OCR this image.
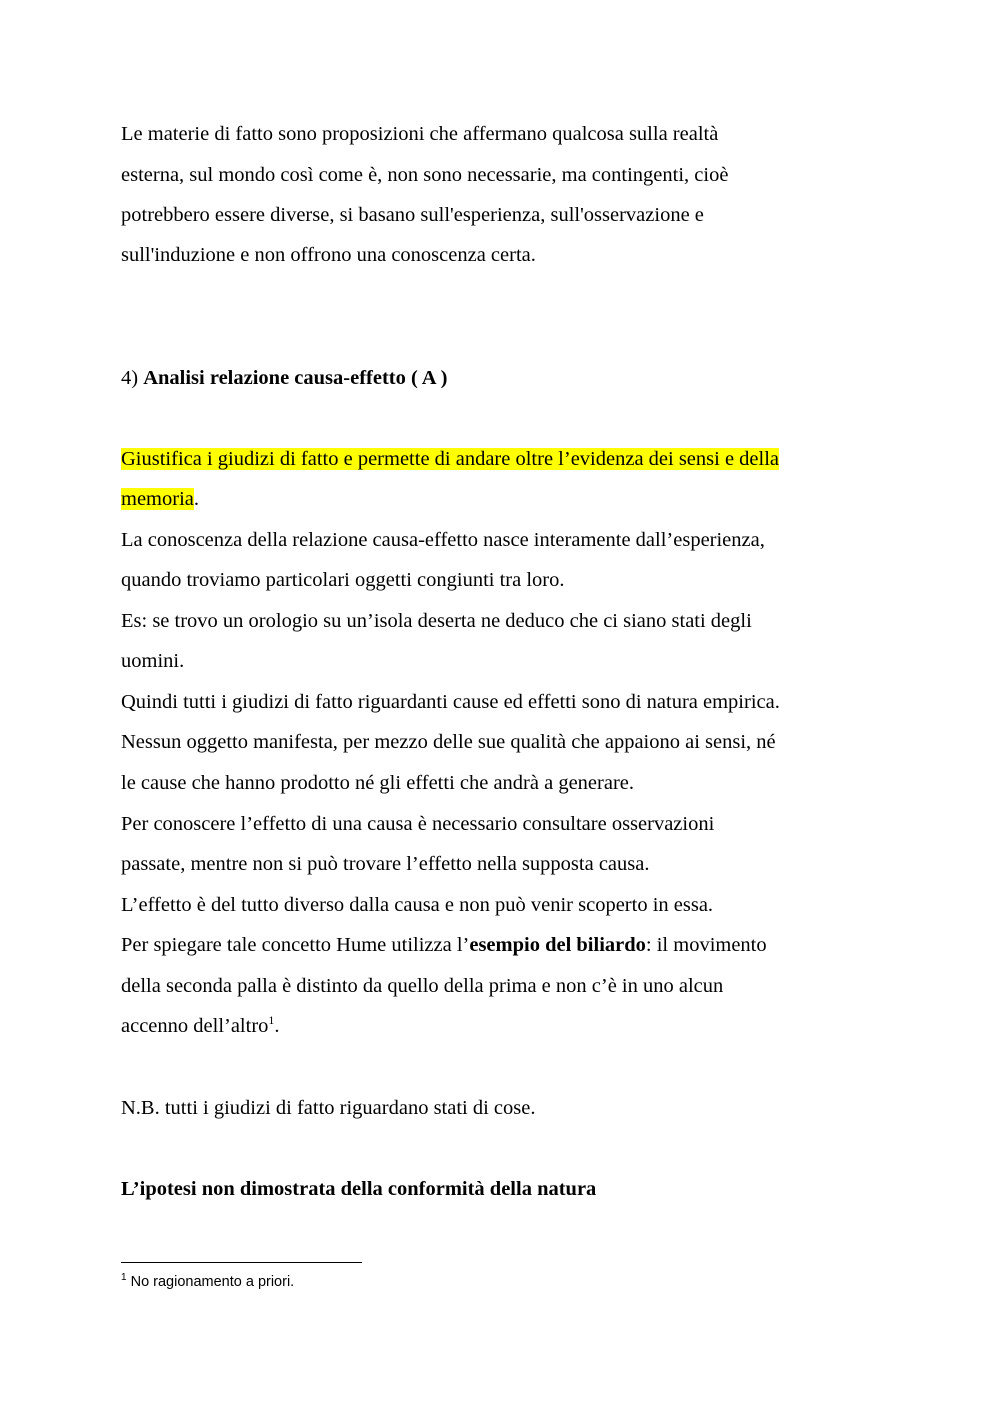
Le materie di fatto sono proposizioni che affermano qualcosa sulla realtà
esterna, sul mondo così come è, non sono necessarie, ma contingenti, cioè
potrebbero essere diverse, si basano sull'esperienza, sull'osservazione e
sull'induzione e non offrono una conoscenza certa.
4) Analisi relazione causa-effetto ( A )
Giustifica i giudizi di fatto e permette di andare oltre l’evidenza dei sensi e della
memoria.
La conoscenza della relazione causa-effetto nasce interamente dall’esperienza,
quando troviamo particolari oggetti congiunti tra loro.
Es: se trovo un orologio su un’isola deserta ne deduco che ci siano stati degli
uomini.
Quindi tutti i giudizi di fatto riguardanti cause ed effetti sono di natura empirica.
Nessun oggetto manifesta, per mezzo delle sue qualità che appaiono ai sensi, né
le cause che hanno prodotto né gli effetti che andrà a generare.
Per conoscere l’effetto di una causa è necessario consultare osservazioni
passate, mentre non si può trovare l’effetto nella supposta causa.
L’effetto è del tutto diverso dalla causa e non può venir scoperto in essa.
Per spiegare tale concetto Hume utilizza l’esempio del biliardo: il movimento
della seconda palla è distinto da quello della prima e non c’è in uno alcun
accenno dell’altro$^1$.
N.B. tutti i giudizi di fatto riguardano stati di cose.
L’ipotesi non dimostrata della conformità della natura
$^1$ No ragionamento a priori.
